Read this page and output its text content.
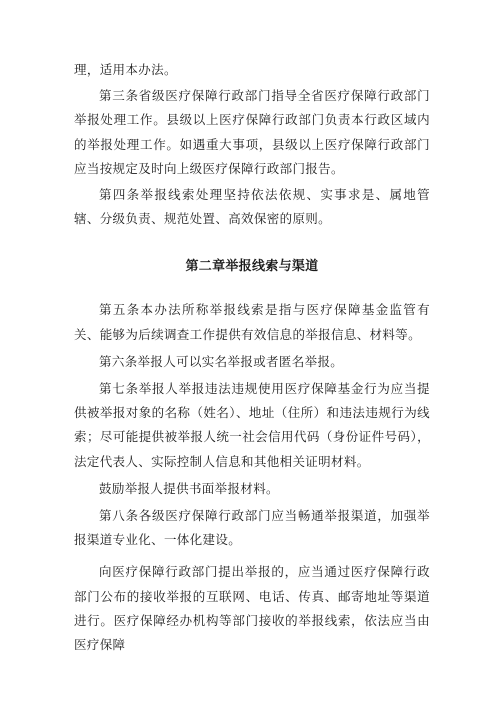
理，适用本办法。

第三条省级医疗保障行政部门指导全省医疗保障行政部门举报处理工作。县级以上医疗保障行政部门负责本行政区域内的举报处理工作。如遇重大事项，县级以上医疗保障行政部门应当按规定及时向上级医疗保障行政部门报告。

第四条举报线索处理坚持依法依规、实事求是、属地管辖、分级负责、规范处置、高效保密的原则。

第二章举报线索与渠道

第五条本办法所称举报线索是指与医疗保障基金监管有关、能够为后续调查工作提供有效信息的举报信息、材料等。

第六条举报人可以实名举报或者匿名举报。

第七条举报人举报违法违规使用医疗保障基金行为应当提供被举报对象的名称（姓名）、地址（住所）和违法违规行为线索；尽可能提供被举报人统一社会信用代码（身份证件号码），法定代表人、实际控制人信息和其他相关证明材料。

鼓励举报人提供书面举报材料。

第八条各级医疗保障行政部门应当畅通举报渠道，加强举报渠道专业化、一体化建设。

向医疗保障行政部门提出举报的，应当通过医疗保障行政部门公布的接收举报的互联网、电话、传真、邮寄地址等渠道进行。医疗保障经办机构等部门接收的举报线索，依法应当由医疗保障
